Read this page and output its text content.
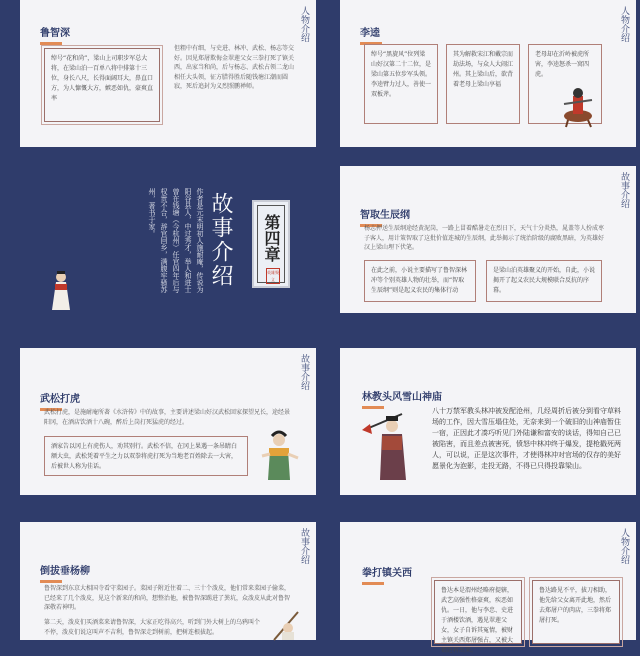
人物介绍
鲁智深
绰号“花和尚”，梁山上司职步军总大将，在梁山泊一百单八将中排第十三位，身长八尺，长得面阔耳大，鼻直口方，为人慷慨大方，嫉恶如仇，豪爽直率
但粗中有细，与史进、林冲、武松、杨志等交好。因见郑屠欺侮金翠莲父女三拳打死了镇关西，出家当和尚，后与杨志、武松占领二龙山相任大头领，征方腊得胜后随钱塘江潮而圆寂，死后追封为义烈照鹏禅师。
人物介绍
李逵
绰号“黑旋风”位列梁山好汉第二十二位，是梁山第五位步军头领。李逵臂力过人，善使一双板斧。
其为解救宋江和戴宗而劫法场，与众人大闹江州。其上梁山后，欲背着老母上梁山享福
老母却在沂岭被虎所害，李逵怒杀一窝四虎。
作者是元末明初人施耐庵，传说为阳谷县人，中过秀才，举人和进士曾在钱塘（今杭州）任官四年后与权贵不合，辞官回乡，满腹牢骚苏州，著书于家。	故事介绍	第四章
英雄聚义
故事介绍
智取生辰纲
杨志押送生辰纲途经黄泥岗，一路上冒着酷暑走在烈日下，天气十分炎热，晁盖等人扮成枣子客人，用计策智取了这批价值连城的生辰纲，此举揭示了统治阶级的腐败黑暗，为英雄好汉上梁山埋下伏笔。
在此之前，小说主要描写了鲁智深林冲等个别英雄人物的壮举，而“智取生辰纲”则是起义农民的集体行动
是梁山泊英雄聚义的开始，自此，小说揭开了起义农民大规模联合反抗的序幕。
故事介绍
武松打虎
武松打虎，是施耐庵所著《水浒传》中的故事，主要讲述梁山好汉武松回家探望兄长，途经景阳冈，在酒店饮酒十八碗，醉后上岗打死猛虎的经过。
酒家告以冈上有虎伤人，劝其别行。武松不信，在冈上果遇一条吊睛白额大虫，武松凭着平生之力以双拳将虎打死为当地老百姓除去一大害，后被世人称为佳话。
林教头风雪山神庙
八十万禁军教头林冲被发配沧州，几经周折后被分到看守草料场的工作，因大雪压塌住处，无奈来到一个破旧的山神庙暂住一宿，正因此才凑巧听见门外陆谦和富安的谈话，得知自己已被陷害，而且差点被害死，愤怒中林冲终于爆发，提枪戳死两人，可以说，正是这次事件，才使得林冲对官场的仅存的美好愿景化为泡影，走投无路，不得已只得投靠梁山。
故事介绍
倒拔垂杨柳
鲁智深到东京大相国寺看守菜园子。菜园子附近住着二、三十个泼皮，他们常来菜园子偷菜，已经来了几个泼皮，见这个新来的和尚，想整治他，被鲁智深踢进了粪坑，众泼皮从此对鲁智深敬若神明。
第二天，泼皮们买酒菜来请鲁智深，大家正吃得高兴，听到门外大树上的乌鸦叫个不停，泼皮们说这叫声不吉利，鲁智深走到树前，把树连根拔起。
人物介绍
拳打镇关西
鲁达本是渭州经略府提辖，武艺高强性格豪爽，疾恶如仇。一日，他与李忠、史进于酒楼饮酒，遇见翠莲父女，女子自诉其冤情，被财主镇关西郑屠强占，又被大娘赶将出来。
鲁达路见不平，拔刀相助，他先给父女离开此地，然后去郑屠户的肉店，三拳将郑屠打死。
